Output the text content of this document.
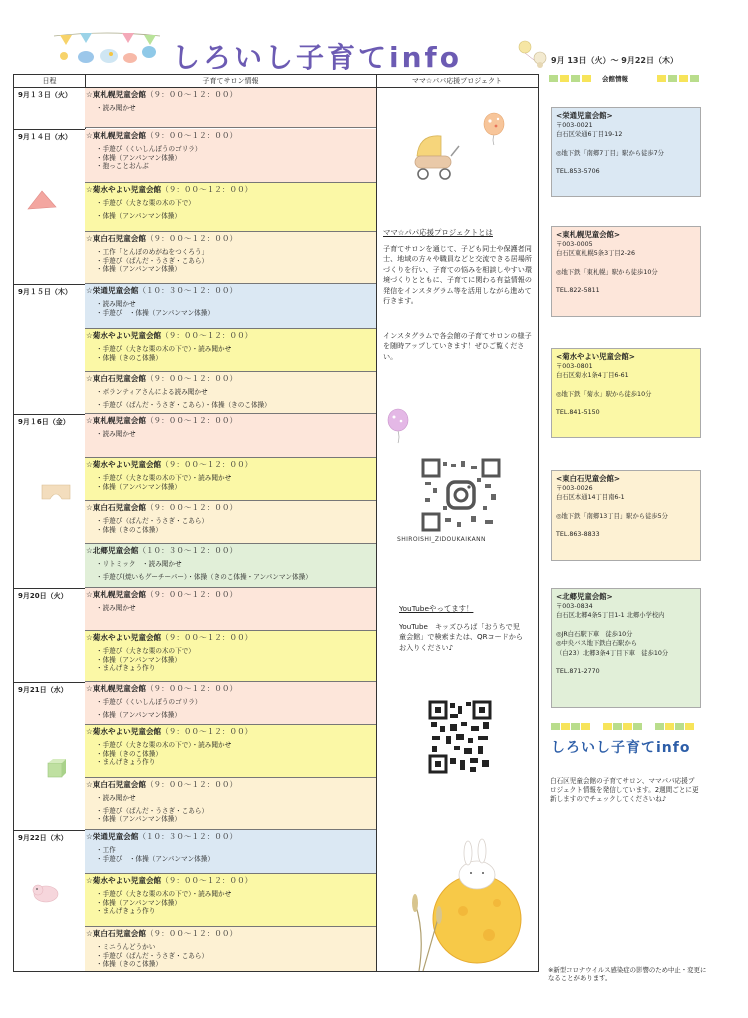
しろいし子育てinfo	9月 13日（火）～ 9月22日（木）
日程	子育てサロン情報	ママ☆パパ応援プロジェクト
9月１３日（火） ☆東札幌児童会館（９：００～１２：００）
・読み聞かせ
9月１４日（水） ☆東札幌児童会館（９：００～１２：００）
・手遊び（くいしんぼうのゴリラ）
・体操（アンパンマン体操）
・抱っことおんぶ
☆菊水やよい児童会館（９：００～１２：００）
・手遊び（大きな栗の木の下で）
・体操（アンパンマン体操）
☆東白石児童会館（９：００～１２：００）
・工作「とんぼのめがねをつくろう」
・手遊び（ぱんだ・うさぎ・こあら）
・体操（アンパンマン体操）
9月１５日（木） ☆栄通児童会館（１０：３０～１２：００）
・読み聞かせ
・手遊び　・体操（アンパンマン体操）
☆菊水やよい児童会館（９：００～１２：００）
・手遊び（大きな栗の木の下で）・読み聞かせ
・体操（きのこ体操）
☆東白石児童会館（９：００～１２：００）
・ボランティアさんによる読み聞かせ
・手遊び（ぱんだ・うさぎ・こあら）・体操（きのこ体操）
9月１6日（金） ☆東札幌児童会館（９：００～１２：００）
・読み聞かせ
☆菊水やよい児童会館（９：００～１２：００）
・手遊び（大きな栗の木の下で）・読み聞かせ
・体操（アンパンマン体操）
☆東白石児童会館（９：００～１２：００）
・手遊び（ぱんだ・うさぎ・こあら）
・体操（きのこ体操）
☆北郷児童会館（１０：３０～１２：００）
・リトミック　・読み聞かせ
・手遊び(焼いもグーチーパー）・体操（きのこ体操・アンパンマン体操）
9月20日（火） ☆東札幌児童会館（９：００～１２：００）
・読み聞かせ
☆菊水やよい児童会館（９：００～１２：００）
・手遊び（大きな栗の木の下で）
・体操（アンパンマン体操）
・まんげきょう作り
9月21日（水） ☆東札幌児童会館（９：００～１２：００）
・手遊び（くいしんぼうのゴリラ）
・体操（アンパンマン体操）
☆菊水やよい児童会館（９：００～１２：００）
・手遊び（大きな栗の木の下で）・読み聞かせ
・体操（きのこ体操）
・まんげきょう作り
☆東白石児童会館（９：００～１２：００）
・読み聞かせ
・手遊び（ぱんだ・うさぎ・こあら）
・体操（アンパンマン体操）
9月22日（木） ☆栄通児童会館（１０：３０～１２：００）
・工作
・手遊び　・体操（アンパンマン体操）
☆菊水やよい児童会館（９：００～１２：００）
・手遊び（大きな栗の木の下で）・読み聞かせ
・体操（アンパンマン体操）
・まんげきょう作り
☆東白石児童会館（９：００～１２：００）
・ミニうんどうかい
・手遊び（ぱんだ・うさぎ・こあら）
・体操（きのこ体操）
ママ☆パパ応援プロジェクトとは
子育てサロンを通じて、子ども同士や保護者同士、地域の方々や職員などと交流できる居場所づくりを行い、子育ての悩みを相談しやすい環境づくりとともに、子育てに関わる有益情報の発信をインスタグラム等を活用しながら進めて行きます。
インスタグラムで各会館の子育てサロンの様子を随時アップしていきます！ぜひご覧ください。
SHIROISHI_ZIDOUKAIKANN
YouTubeやってます！
YouTube　キッズひろば「おうちで児童会館」で検索または、QRコードからお入りください♪
会館情報
<栄通児童会館>
〒003-0021
白石区栄通6丁目19-12
◎地下鉄「南郷7丁目」駅から徒歩7分
TEL.853-5706
<東札幌児童会館>
〒003-0005
白石区東札幌5条3丁目2-26
◎地下鉄「東札幌」駅から徒歩10分
TEL.822-5811
<菊水やよい児童会館>
〒003-0801
白石区菊水1条4丁目6-61
◎地下鉄「菊水」駅から徒歩10分
TEL.841-5150
<東白石児童会館>
〒003-0026
白石区本通14丁目南6-1
◎地下鉄「南郷13丁目」駅から徒歩5分
TEL.863-8833
<北郷児童会館>
〒003-0834
白石区北郷4条5丁目1-1 北郷小学校内
◎JR白石駅下車　徒歩10分
◎中央バス地下鉄白石駅から
（白23）北郷3条4丁目下車　徒歩10分
TEL.871-2770
しろいし子育てinfo
白石区児童会館の子育てサロン、ママパパ応援プロジェクト情報を発信しています。2週間ごとに更新しますのでチェックしてくださいね♪
※新型コロナウイルス感染症の影響のため中止・変更になることがあります。
